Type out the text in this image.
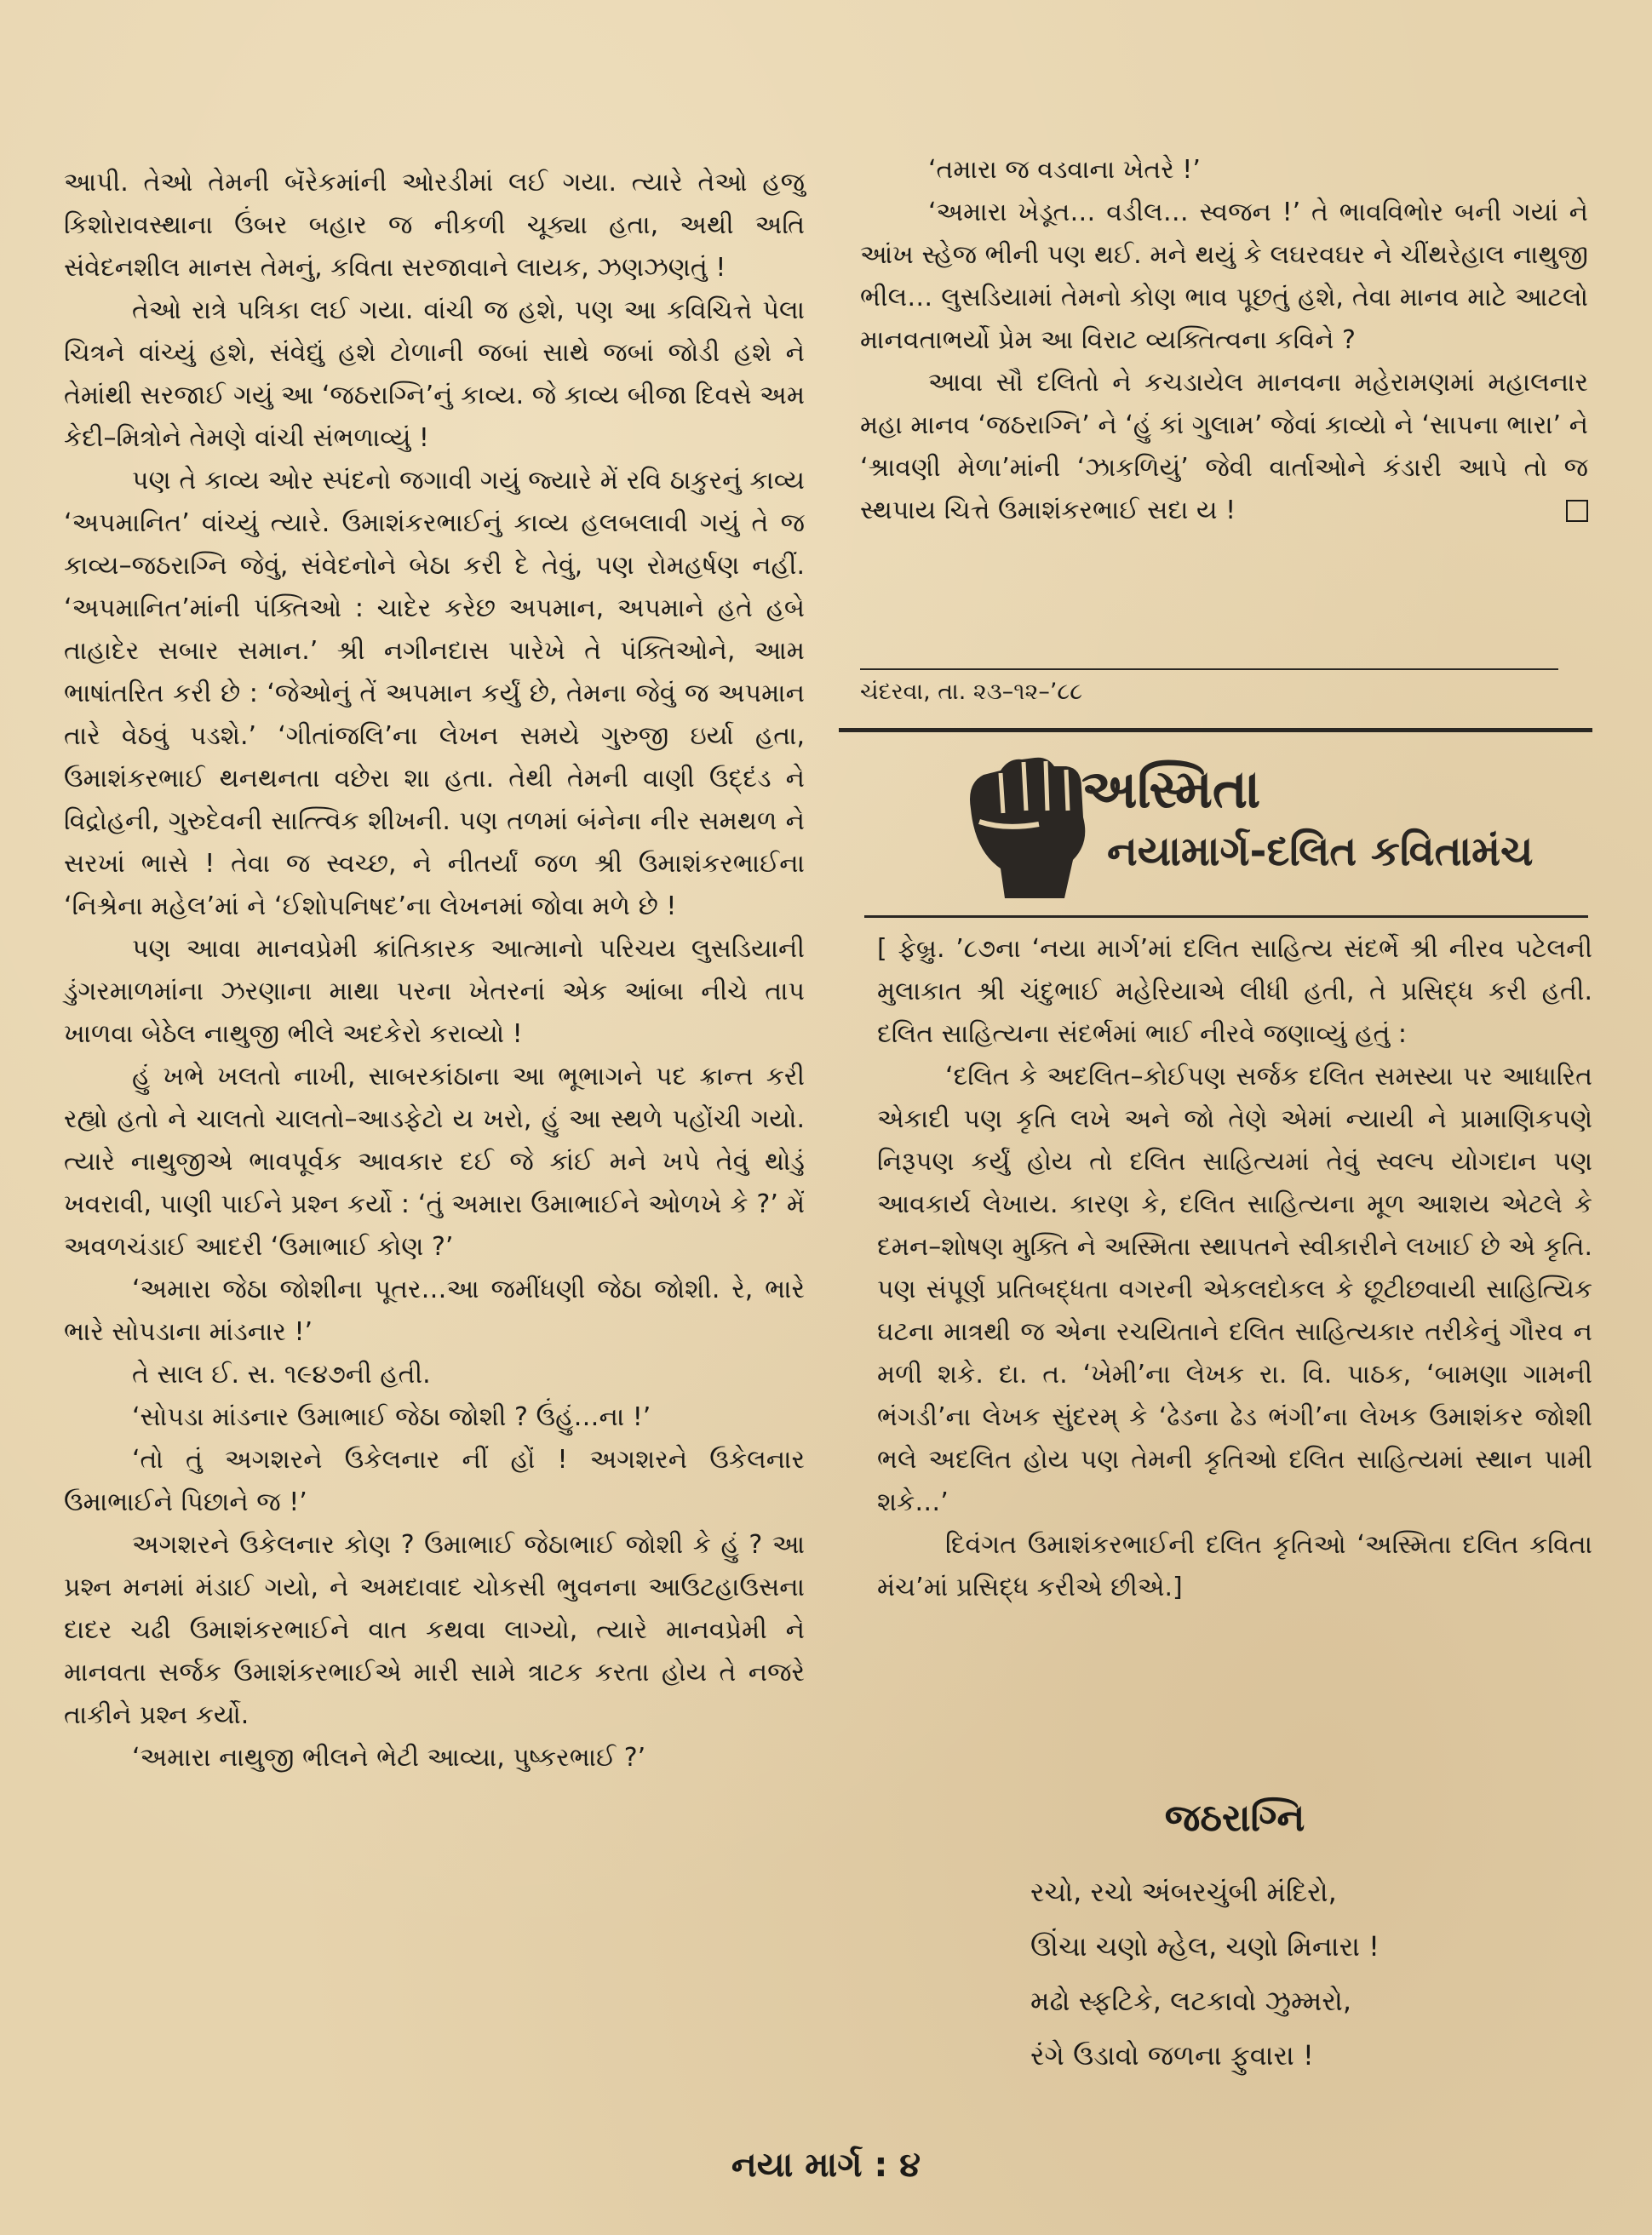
આપી. તેઓ તેમની બૅરેકમાંની ઓરડીમાં લઈ ગયા. ત્યારે તેઓ હજુ કિશોરાવસ્થાના ઉંબર બહાર જ નીકળી ચૂક્યા હતા, અથી અતિ સંવેદનશીલ માનસ તેમનું, કવિતા સરજાવાને લાયક, ઝણઝણતું !

તેઓ રાત્રે પત્રિકા લઈ ગયા. વાંચી જ હશે, પણ આ કવિચિત્તે પેલા ચિત્રને વાંચ્યું હશે, સંવેદ્યું હશે ટોળાની જબાં સાથે જબાં જોડી હશે ને તેમાંથી સરજાઈ ગયું આ ‘જઠરાગ્નિ’નું કાવ્ય. જે કાવ્ય બીજા દિવસે અમ કેદી–મિત્રોને તેમણે વાંચી સંભળાવ્યું !

પણ તે કાવ્ય ઓર સ્પંદનો જગાવી ગયું જ્યારે મેં રવિ ઠાકુરનું કાવ્ય ‘અપમાનિત’ વાંચ્યું ત્યારે. ઉમાશંકરભાઈનું કાવ્ય હલબલાવી ગયું તે જ કાવ્ય–જઠરાગ્નિ જેવું, સંવેદનોને બેઠા કરી દે તેવું, પણ રોમહર્ષણ નહીં. ‘અપમાનિત’માંની પંક્તિઓ : ચાદેર કરેછ અપમાન, અપમાને હતે હબે તાહાદેર સબાર સમાન.’ શ્રી નગીનદાસ પારેખે તે પંક્તિઓને, આમ ભાષાંતરિત કરી છે : ‘જેઓનું તેં અપમાન કર્યું છે, તેમના જેવું જ અપમાન તારે વેઠવું પડશે.’ ‘ગીતાંજલિ’ના લેખન સમયે ગુરુજી ઇર્યા હતા, ઉમાશંકરભાઈ થનથનતા વછેરા શા હતા. તેથી તેમની વાણી ઉદ્દંડ ને વિદ્રોહની, ગુરુદેવની સાત્ત્વિક શીખની. પણ તળમાં બંનેના નીર સમથળ ને સરખાં ભાસે ! તેવા જ સ્વચ્છ, ને નીતર્યાં જળ શ્રી ઉમાશંકરભાઈના ‘નિશ્રેના મહેલ’માં ને ‘ઈશોપનિષદ’ના લેખનમાં જોવા મળે છે !

પણ આવા માનવપ્રેમી ક્રાંતિકારક આત્માનો પરિચય લુસડિયાની ડુંગરમાળમાંના ઝરણાના માથા પરના ખેતરનાં એક આંબા નીચે તાપ ખાળવા બેઠેલ નાથુજી ભીલે અદકેરો કરાવ્યો !

હું ખભે ખલતો નાખી, સાબરકાંઠાના આ ભૂભાગને પદ ક્રાન્ત કરી રહ્યો હતો ને ચાલતો ચાલતો–આડફેટો ય ખરો, હું આ સ્થળે પહોંચી ગયો. ત્યારે નાથુજીએ ભાવપૂર્વક આવકાર દઈ જે કાંઈ મને ખપે તેવું થોડું ખવરાવી, પાણી પાઈને પ્રશ્ન કર્યો : ‘તું અમારા ઉમાભાઈને ઓળખે કે ?’ મેં અવળચંડાઈ આદરી ‘ઉમાભાઈ કોણ ?’

‘અમારા જેઠા જોશીના પૂતર…આ જમીંધણી જેઠા જોશી. રે, ભારે ભારે સોપડાના માંડનાર !’

તે સાલ ઈ. સ. ૧૯૪૭ની હતી.

‘સોપડા માંડનાર ઉમાભાઈ જેઠા જોશી ? ઉંહું…ના !’

‘તો તું અગશરને ઉકેલનાર નીં હોં ! અગશરને ઉકેલનાર ઉમાભાઈને પિછાને જ !’

અગશરને ઉકેલનાર કોણ ? ઉમાભાઈ જેઠાભાઈ જોશી કે હું ? આ પ્રશ્ન મનમાં મંડાઈ ગયો, ને અમદાવાદ ચોકસી ભુવનના આઉટહાઉસના દાદર ચઢી ઉમાશંકરભાઈને વાત કથવા લાગ્યો, ત્યારે માનવપ્રેમી ને માનવતા સર્જક ઉમાશંકરભાઈએ મારી સામે ત્રાટક કરતા હોય તે નજરે તાકીને પ્રશ્ન કર્યો.

‘અમારા નાથુજી ભીલને ભેટી આવ્યા, પુષ્કરભાઈ ?’

‘તમારા જ વડવાના ખેતરે !’

‘અમારા ખેડૂત… વડીલ… સ્વજન !’ તે ભાવવિભોર બની ગયાં ને આંખ સ્હેજ ભીની પણ થઈ. મને થયું કે લઘરવઘર ને ચીંથરેહાલ નાથુજી ભીલ… લુસડિયામાં તેમનો કોણ ભાવ પૂછતું હશે, તેવા માનવ માટે આટલો માનવતાભર્યો પ્રેમ આ વિરાટ વ્યક્તિત્વના કવિને ?

આવા સૌ દલિતો ને કચડાયેલ માનવના મહેરામણમાં મહાલનાર મહા માનવ ‘જઠરાગ્નિ’ ને ‘હું કાં ગુલામ’ જેવાં કાવ્યો ને ‘સાપના ભારા’ ને ‘શ્રાવણી મેળા’માંની ‘ઝાકળિયું’ જેવી વાર્તાઓને કંડારી આપે તો જ સ્થપાય ચિત્તે ઉમાશંકરભાઈ સદા ય !

ચંદરવા, તા. ૨૩–૧૨–’૮૮
અસ્મિતા
નયામાર્ગ-દલિત કવિતામંચ

[ ફેબ્રુ. ’૮૭ના ‘નયા માર્ગ’માં દલિત સાહિત્ય સંદર્ભે શ્રી નીરવ પટેલની મુલાકાત શ્રી ચંદુભાઈ મહેરિયાએ લીધી હતી, તે પ્રસિદ્ધ કરી હતી. દલિત સાહિત્યના સંદર્ભમાં ભાઈ નીરવે જણાવ્યું હતું :

‘દલિત કે અદલિત–કોઈપણ સર્જક દલિત સમસ્યા પર આધારિત એકાદી પણ કૃતિ લખે અને જો તેણે એમાં ન્યાયી ને પ્રામાણિકપણે નિરૂપણ કર્યું હોય તો દલિત સાહિત્યમાં તેવું સ્વલ્પ યોગદાન પણ આવકાર્ય લેખાય. કારણ કે, દલિત સાહિત્યના મૂળ આશય એટલે કે દમન–શોષણ મુક્તિ ને અસ્મિતા સ્થાપતને સ્વીકારીને લખાઈ છે એ કૃતિ. પણ સંપૂર્ણ પ્રતિબદ્ધતા વગરની એકલદોકલ કે છૂટીછવાયી સાહિત્યિક ઘટના માત્રથી જ એના રચયિતાને દલિત સાહિત્યકાર તરીકેનું ગૌરવ ન મળી શકે. દા. ત. ‘ખેમી’ના લેખક રા. વિ. પાઠક, ‘બામણા ગામની ભંગડી’ના લેખક સુંદરમ્ કે ‘ઢેડના ઢેડ ભંગી’ના લેખક ઉમાશંકર જોશી ભલે અદલિત હોય પણ તેમની કૃતિઓ દલિત સાહિત્યમાં સ્થાન પામી શકે…’

દિવંગત ઉમાશંકરભાઈની દલિત કૃતિઓ ‘અસ્મિતા દલિત કવિતા મંચ’માં પ્રસિદ્ધ કરીએ છીએ.]

જઠરાગ્નિ
રચો, રચો અંબરચુંબી મંદિરો,
ઊંચા ચણો મ્હેલ, ચણો મિનારા !
મઢો સ્ફટિકે, લટકાવો ઝુમ્મરો,
રંગે ઉડાવો જળના ફુવારા !
નયા માર્ગ : ૪
